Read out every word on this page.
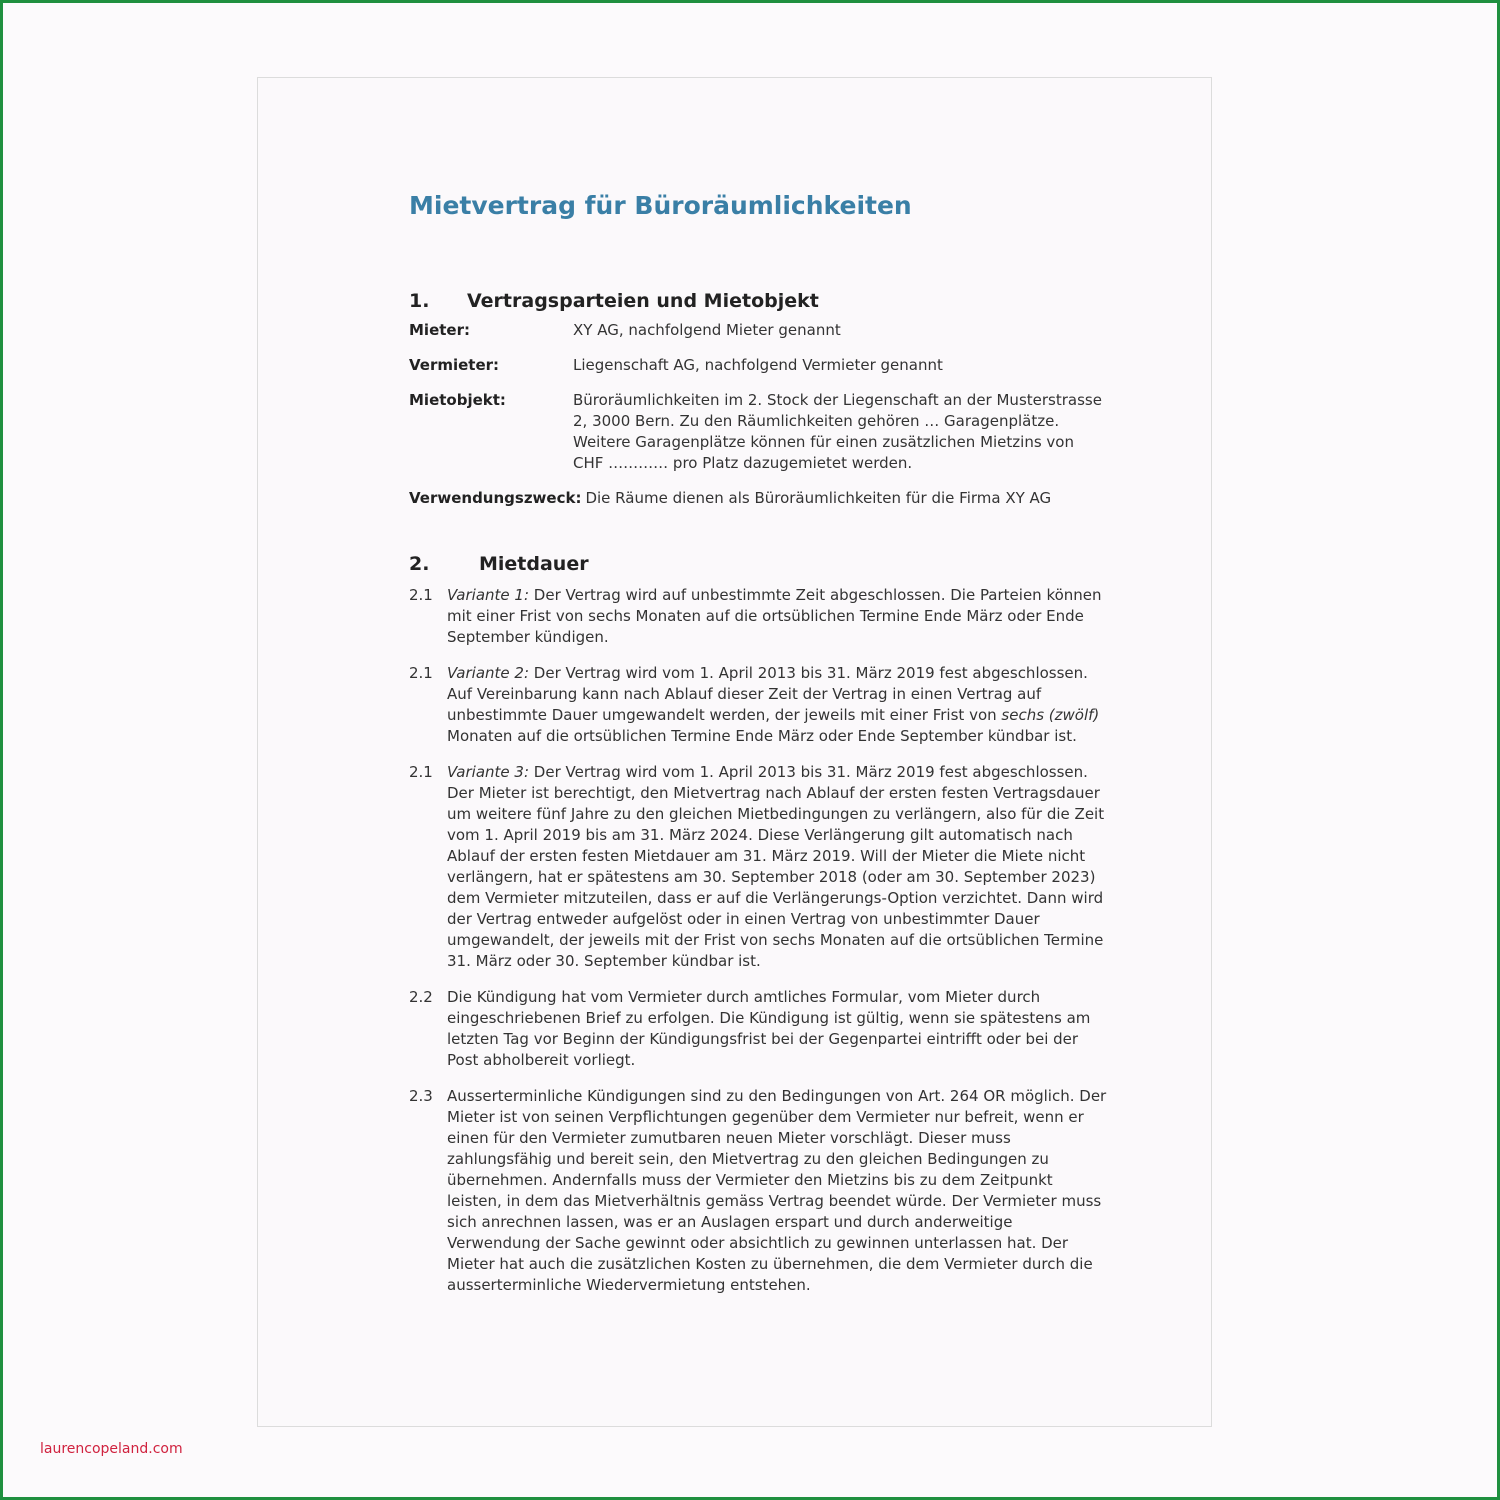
Mietvertrag für Büroräumlichkeiten
1.	Vertragsparteien und Mietobjekt
Mieter:	XY AG, nachfolgend Mieter genannt
Vermieter:	Liegenschaft AG, nachfolgend Vermieter genannt
Mietobjekt:	Büroräumlichkeiten im 2. Stock der Liegenschaft an der Musterstrasse 2, 3000 Bern. Zu den Räumlichkeiten gehören … Garagenplätze. Weitere Garagenplätze können für einen zusätzlichen Mietzins von CHF ………… pro Platz dazugemietet werden.
Verwendungszweck: Die Räume dienen als Büroräumlichkeiten für die Firma XY AG
2.	Mietdauer
2.1 Variante 1: Der Vertrag wird auf unbestimmte Zeit abgeschlossen. Die Parteien können mit einer Frist von sechs Monaten auf die ortsüblichen Termine Ende März oder Ende September kündigen.
2.1 Variante 2: Der Vertrag wird vom 1. April 2013 bis 31. März 2019 fest abgeschlossen. Auf Vereinbarung kann nach Ablauf dieser Zeit der Vertrag in einen Vertrag auf unbestimmte Dauer umgewandelt werden, der jeweils mit einer Frist von sechs (zwölf) Monaten auf die ortsüblichen Termine Ende März oder Ende September kündbar ist.
2.1 Variante 3: Der Vertrag wird vom 1. April 2013 bis 31. März 2019 fest abgeschlossen. Der Mieter ist berechtigt, den Mietvertrag nach Ablauf der ersten festen Vertragsdauer um weitere fünf Jahre zu den gleichen Mietbedingungen zu verlängern, also für die Zeit vom 1. April 2019 bis am 31. März 2024. Diese Verlängerung gilt automatisch nach Ablauf der ersten festen Mietdauer am 31. März 2019. Will der Mieter die Miete nicht verlängern, hat er spätestens am 30. September 2018 (oder am 30. September 2023) dem Vermieter mitzuteilen, dass er auf die Verlängerungs-Option verzichtet. Dann wird der Vertrag entweder aufgelöst oder in einen Vertrag von unbestimmter Dauer umgewandelt, der jeweils mit der Frist von sechs Monaten auf die ortsüblichen Termine 31. März oder 30. September kündbar ist.
2.2 Die Kündigung hat vom Vermieter durch amtliches Formular, vom Mieter durch eingeschriebenen Brief zu erfolgen. Die Kündigung ist gültig, wenn sie spätestens am letzten Tag vor Beginn der Kündigungsfrist bei der Gegenpartei eintrifft oder bei der Post abholbereit vorliegt.
2.3 Ausserterminliche Kündigungen sind zu den Bedingungen von Art. 264 OR möglich. Der Mieter ist von seinen Verpflichtungen gegenüber dem Vermieter nur befreit, wenn er einen für den Vermieter zumutbaren neuen Mieter vorschlägt. Dieser muss zahlungsfähig und bereit sein, den Mietvertrag zu den gleichen Bedingungen zu übernehmen. Andernfalls muss der Vermieter den Mietzins bis zu dem Zeitpunkt leisten, in dem das Mietverhältnis gemäss Vertrag beendet würde. Der Vermieter muss sich anrechnen lassen, was er an Auslagen erspart und durch anderweitige Verwendung der Sache gewinnt oder absichtlich zu gewinnen unterlassen hat. Der Mieter hat auch die zusätzlichen Kosten zu übernehmen, die dem Vermieter durch die ausserterminliche Wiedervermietung entstehen.
laurencopeland.com
